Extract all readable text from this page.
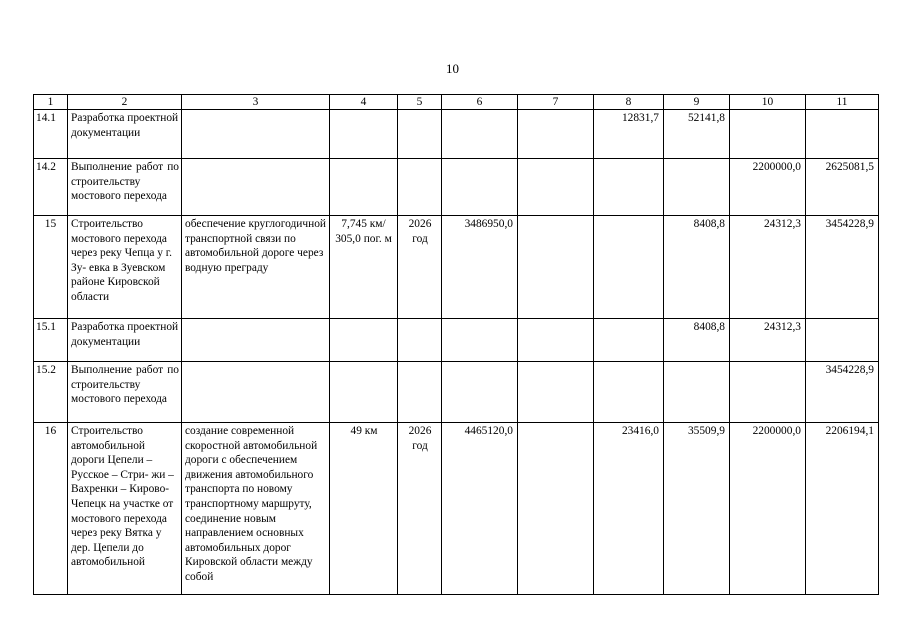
10
1	2	3	4	5	6	7	8	9	10	11
14.1	Разработка проектной документации						12831,7	52141,8		
14.2	Выполнение работ по строительству мостового перехода								2200000,0	2625081,5
15	Строительство мостового перехода через реку Чепца у г. Зу- евка в Зуевском районе Кировской области	обеспечение круглогодичной транспортной связи по автомобильной дороге через водную преграду	7,745 км/ 305,0 пог. м	2026 год	3486950,0			8408,8	24312,3	3454228,9
15.1	Разработка проектной документации							8408,8	24312,3	
15.2	Выполнение работ по строительству мостового перехода									3454228,9
16	Строительство автомобильной дороги Цепели – Русское – Стри- жи – Вахренки – Кирово-Чепецк на участке от мостового перехода через реку Вятка у дер. Цепели до автомобильной	создание современной скоростной автомобильной дороги с обеспечением движения автомобильного транспорта по новому транспортному маршруту, соединение новым направлением основных автомобильных дорог Кировской области между собой	49 км	2026 год	4465120,0		23416,0	35509,9	2200000,0	2206194,1
